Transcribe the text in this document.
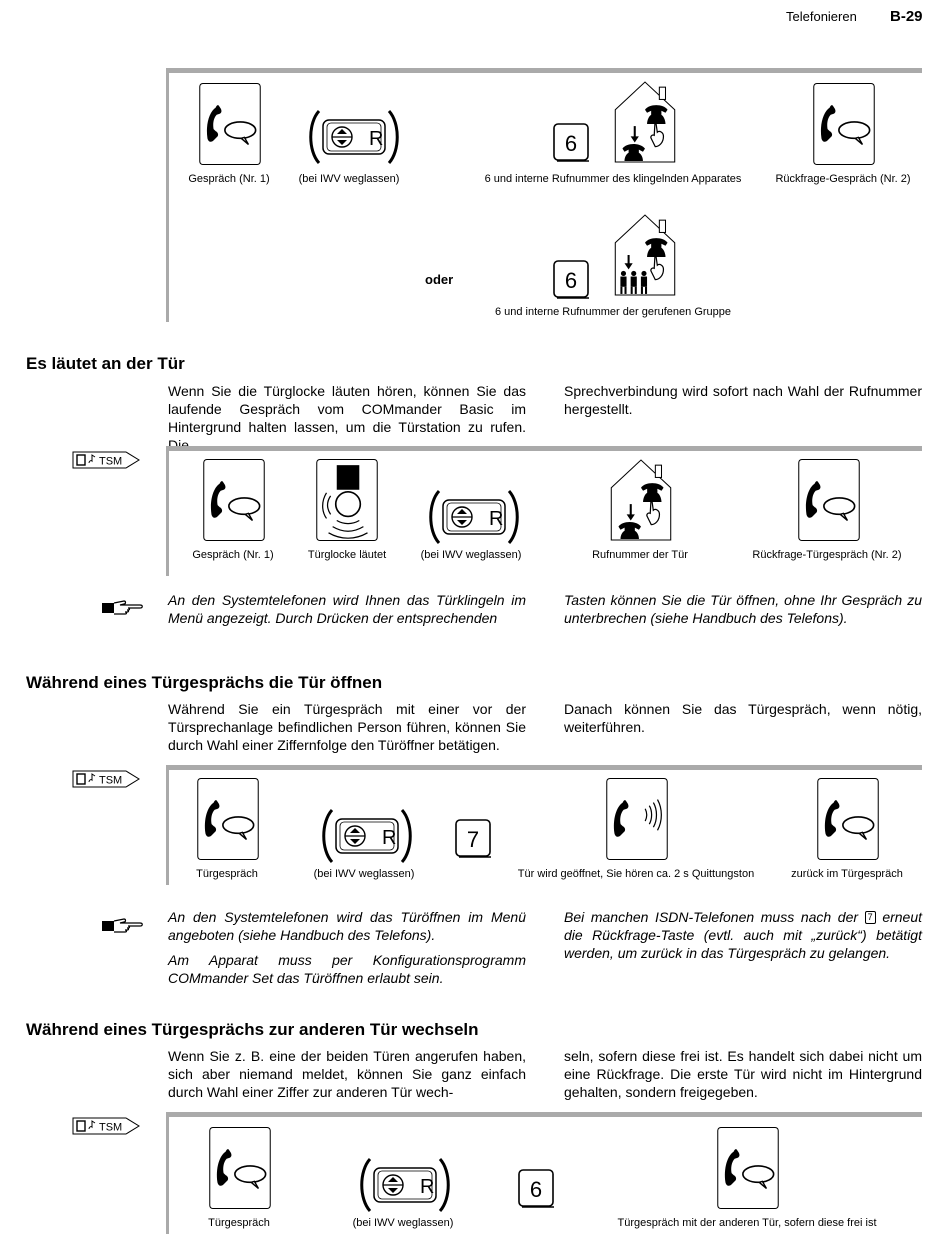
Telefonieren B-29
R	6
Gespräch (Nr. 1)	(bei IWV weglassen)	6 und interne Rufnummer des klingelnden Apparates	Rückfrage-Gespräch (Nr. 2)
oder	6
6 und interne Rufnummer der gerufenen Gruppe
Es läutet an der Tür
Wenn Sie die Türglocke läuten hören, können Sie das laufende Gespräch vom COMmander Basic im Hintergrund halten lassen, um die Türstation zu rufen. Die
Sprechverbindung wird sofort nach Wahl der Rufnummer hergestellt.
TSM
R
Gespräch (Nr. 1)	Türglocke läutet	(bei IWV weglassen)	Rufnummer der Tür	Rückfrage-Türgespräch (Nr. 2)
An den Systemtelefonen wird Ihnen das Türklingeln im Menü angezeigt. Durch Drücken der entsprechenden
Tasten können Sie die Tür öffnen, ohne Ihr Gespräch zu unterbrechen (siehe Handbuch des Telefons).
Während eines Türgesprächs die Tür öffnen
Während Sie ein Türgespräch mit einer vor der Türsprechanlage befindlichen Person führen, können Sie durch Wahl einer Ziffernfolge den Türöffner betätigen.
Danach können Sie das Türgespräch, wenn nötig, weiterführen.
TSM
R	7
Türgespräch	(bei IWV weglassen)	Tür wird geöffnet, Sie hören ca. 2 s Quittungston	zurück im Türgespräch
An den Systemtelefonen wird das Türöffnen im Menü angeboten (siehe Handbuch des Telefons).
Am Apparat muss per Konfigurationsprogramm COMmander Set das Türöffnen erlaubt sein.
Bei manchen ISDN-Telefonen muss nach der 7 erneut die Rückfrage-Taste (evtl. auch mit „zurück“) betätigt werden, um zurück in das Türgespräch zu gelangen.
Während eines Türgesprächs zur anderen Tür wechseln
Wenn Sie z. B. eine der beiden Türen angerufen haben, sich aber niemand meldet, können Sie ganz einfach durch Wahl einer Ziffer zur anderen Tür wech-
seln, sofern diese frei ist. Es handelt sich dabei nicht um eine Rückfrage. Die erste Tür wird nicht im Hintergrund gehalten, sondern freigegeben.
TSM
R	6
Türgespräch	(bei IWV weglassen)	Türgespräch mit der anderen Tür, sofern diese frei ist
